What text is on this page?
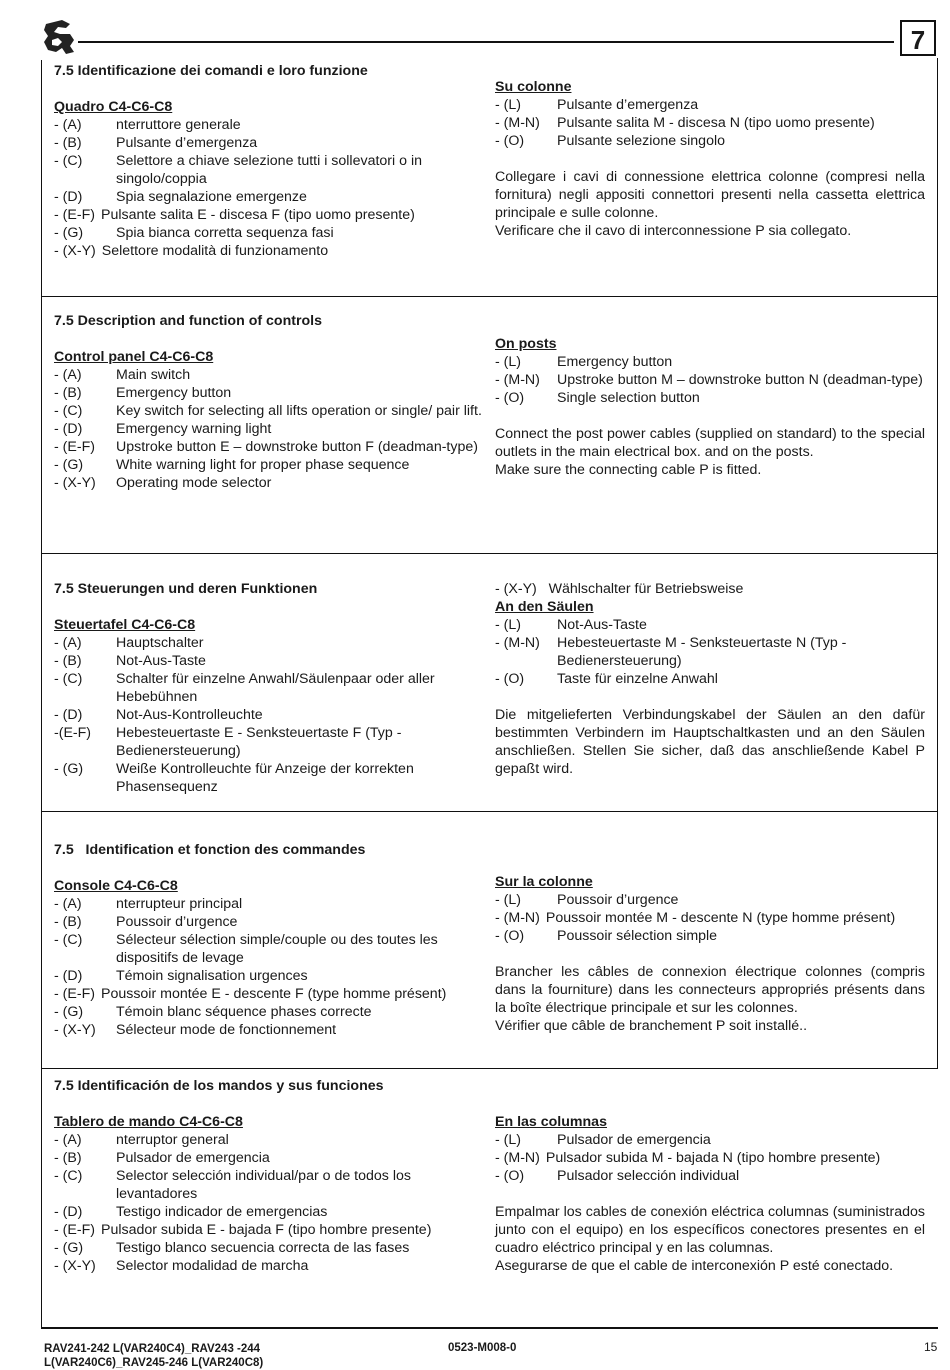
7
7.5 Identificazione dei comandi e loro funzione
Quadro C4-C6-C8
- (A)	nterruttore generale
- (B)	Pulsante d’emergenza
- (C)	Selettore a chiave selezione tutti i sollevatori o in singolo/coppia
- (D)	Spia segnalazione emergenze
- (E-F) Pulsante salita E - discesa F (tipo uomo presente)
- (G)	Spia bianca corretta sequenza fasi
- (X-Y) Selettore modalità di funzionamento
Su colonne
- (L)	Pulsante d’emergenza
- (M-N)	Pulsante salita M - discesa N (tipo uomo presente)
- (O)	Pulsante selezione singolo
Collegare i cavi di connessione elettrica colonne (compresi nella fornitura) negli appositi connettori presenti nella cassetta elettrica principale e sulle colonne.
Verificare che il cavo di interconnessione P sia collegato.
7.5 Description and function of controls
Control panel C4-C6-C8
- (A)	Main switch
- (B)	Emergency button
- (C)	Key switch for selecting all lifts operation or single/ pair lift.
- (D)	Emergency warning light
- (E-F)	Upstroke button E – downstroke button F (deadman-type)
- (G)	White warning light for proper phase sequence
- (X-Y)	Operating mode selector
On posts
- (L)	Emergency button
- (M-N)	Upstroke button M – downstroke button N (deadman-type)
- (O)	Single selection button
Connect the post power cables (supplied on standard) to the special outlets in the main electrical box. and on the posts.
Make sure the connecting cable P is fitted.
7.5 Steuerungen und deren Funktionen
Steuertafel C4-C6-C8
- (A)	Hauptschalter
- (B)	Not-Aus-Taste
- (C)	Schalter für einzelne Anwahl/Säulenpaar oder aller Hebebühnen
- (D)	Not-Aus-Kontrolleuchte
-(E-F)	Hebesteuertaste E - Senksteuertaste F (Typ - Bedienersteuerung)
- (G)	Weiße Kontrolleuchte für Anzeige der korrekten Phasensequenz
- (X-Y)   Wählschalter für Betriebsweise
An den Säulen
- (L)	Not-Aus-Taste
- (M-N)	Hebesteuertaste M - Senksteuertaste N (Typ - Bedienersteuerung)
- (O)	Taste für einzelne Anwahl
Die mitgelieferten Verbindungskabel der Säulen an den dafür bestimmten Verbindern im Hauptschaltkasten und an den Säulen anschließen. Stellen Sie sicher, daß das anschließende Kabel P gepaßt wird.
7.5   Identification et fonction des commandes
Console C4-C6-C8
- (A)	nterrupteur principal
- (B)	Poussoir d’urgence
- (C)	Sélecteur sélection simple/couple ou des toutes les dispositifs de levage
- (D)	Témoin signalisation urgences
- (E-F) Poussoir montée E - descente F (type homme présent)
- (G)	Témoin blanc séquence phases correcte
- (X-Y)	Sélecteur mode de fonctionnement
Sur la colonne
- (L)	Poussoir d’urgence
- (M-N) Poussoir montée M - descente N (type homme présent)
- (O)	Poussoir sélection simple
Brancher les câbles de connexion électrique colonnes (compris dans la fourniture) dans les connecteurs appropriés présents dans la boîte électrique principale et sur les colonnes.
Vérifier que câble de branchement P soit installé..
7.5 Identificación de los mandos y sus funciones
Tablero de mando C4-C6-C8
- (A)	nterruptor general
- (B)	Pulsador de emergencia
- (C)	Selector selección individual/par o de todos los levantadores
- (D)	Testigo indicador de emergencias
- (E-F) Pulsador subida E - bajada F (tipo hombre presente)
- (G)	Testigo blanco secuencia correcta de las fases
- (X-Y)	Selector modalidad de marcha
En las columnas
- (L)	Pulsador de emergencia
- (M-N) Pulsador subida M - bajada N (tipo hombre presente)
- (O)	Pulsador selección individual
Empalmar los cables de conexión eléctrica columnas (suministrados junto con el equipo) en los específicos conectores presentes en el cuadro eléctrico principal y en las columnas.
Asegurarse de que el cable de interconexión P esté conectado.
RAV241-242 L(VAR240C4)_RAV243 -244
L(VAR240C6)_RAV245-246 L(VAR240C8)
0523-M008-0	15
